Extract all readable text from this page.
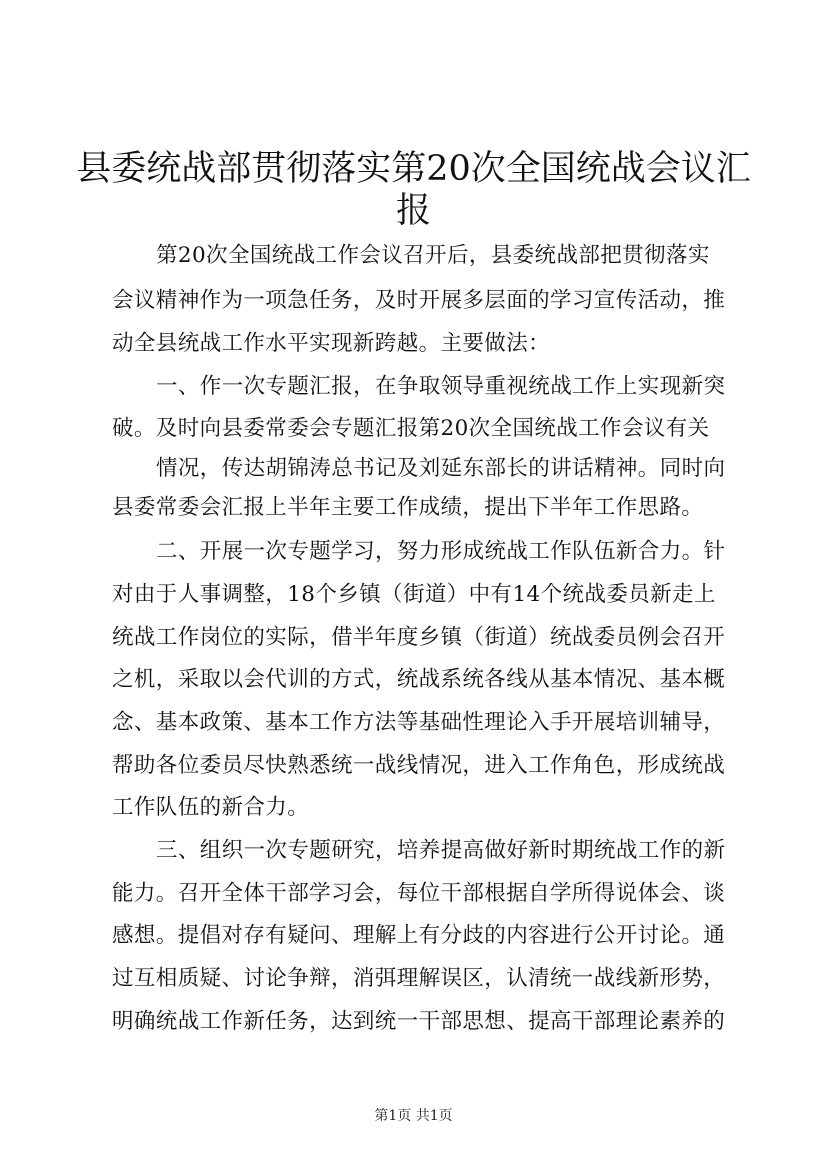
县委统战部贯彻落实第20次全国统战会议汇
报
第20次全国统战工作会议召开后，县委统战部把贯彻落实
会议精神作为一项急任务，及时开展多层面的学习宣传活动，推
动全县统战工作水平实现新跨越。主要做法：
一、作一次专题汇报，在争取领导重视统战工作上实现新突
破。及时向县委常委会专题汇报第20次全国统战工作会议有关
情况，传达胡锦涛总书记及刘延东部长的讲话精神。同时向
县委常委会汇报上半年主要工作成绩，提出下半年工作思路。
二、开展一次专题学习，努力形成统战工作队伍新合力。针
对由于人事调整，18个乡镇（街道）中有14个统战委员新走上
统战工作岗位的实际，借半年度乡镇（街道）统战委员例会召开
之机，采取以会代训的方式，统战系统各线从基本情况、基本概
念、基本政策、基本工作方法等基础性理论入手开展培训辅导，
帮助各位委员尽快熟悉统一战线情况，进入工作角色，形成统战
工作队伍的新合力。
三、组织一次专题研究，培养提高做好新时期统战工作的新
能力。召开全体干部学习会，每位干部根据自学所得说体会、谈
感想。提倡对存有疑问、理解上有分歧的内容进行公开讨论。通
过互相质疑、讨论争辩，消弭理解误区，认清统一战线新形势，
明确统战工作新任务，达到统一干部思想、提高干部理论素养的
第1页 共1页
